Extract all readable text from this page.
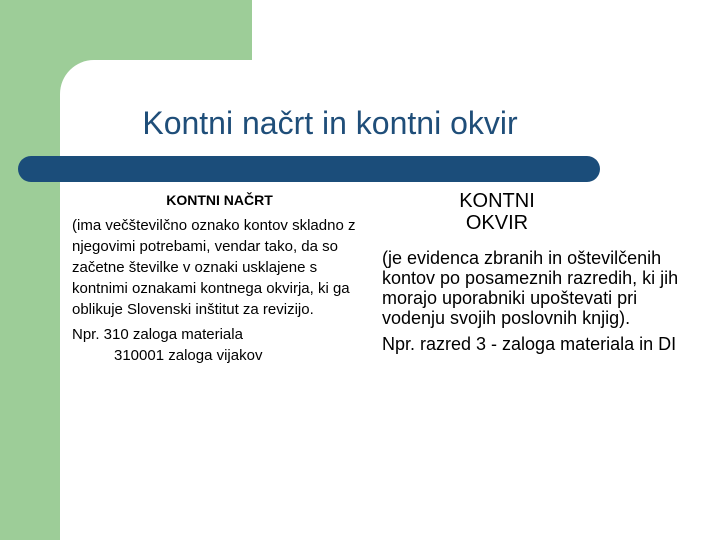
Kontni načrt in kontni okvir

KONTNI NAČRT

(ima večštevilčno oznako kontov skladno z njegovimi potrebami, vendar tako, da so začetne številke v oznaki usklajene s kontnimi oznakami kontnega okvirja, ki ga oblikuje Slovenski inštitut za revizijo.

Npr. 310 zaloga materiala

310001 zaloga vijakov

KONTNI
OKVIR

(je evidenca zbranih in oštevilčenih kontov po posameznih razredih, ki jih morajo uporabniki upoštevati pri vodenju svojih poslovnih knjig).

Npr. razred 3 - zaloga materiala in DI
